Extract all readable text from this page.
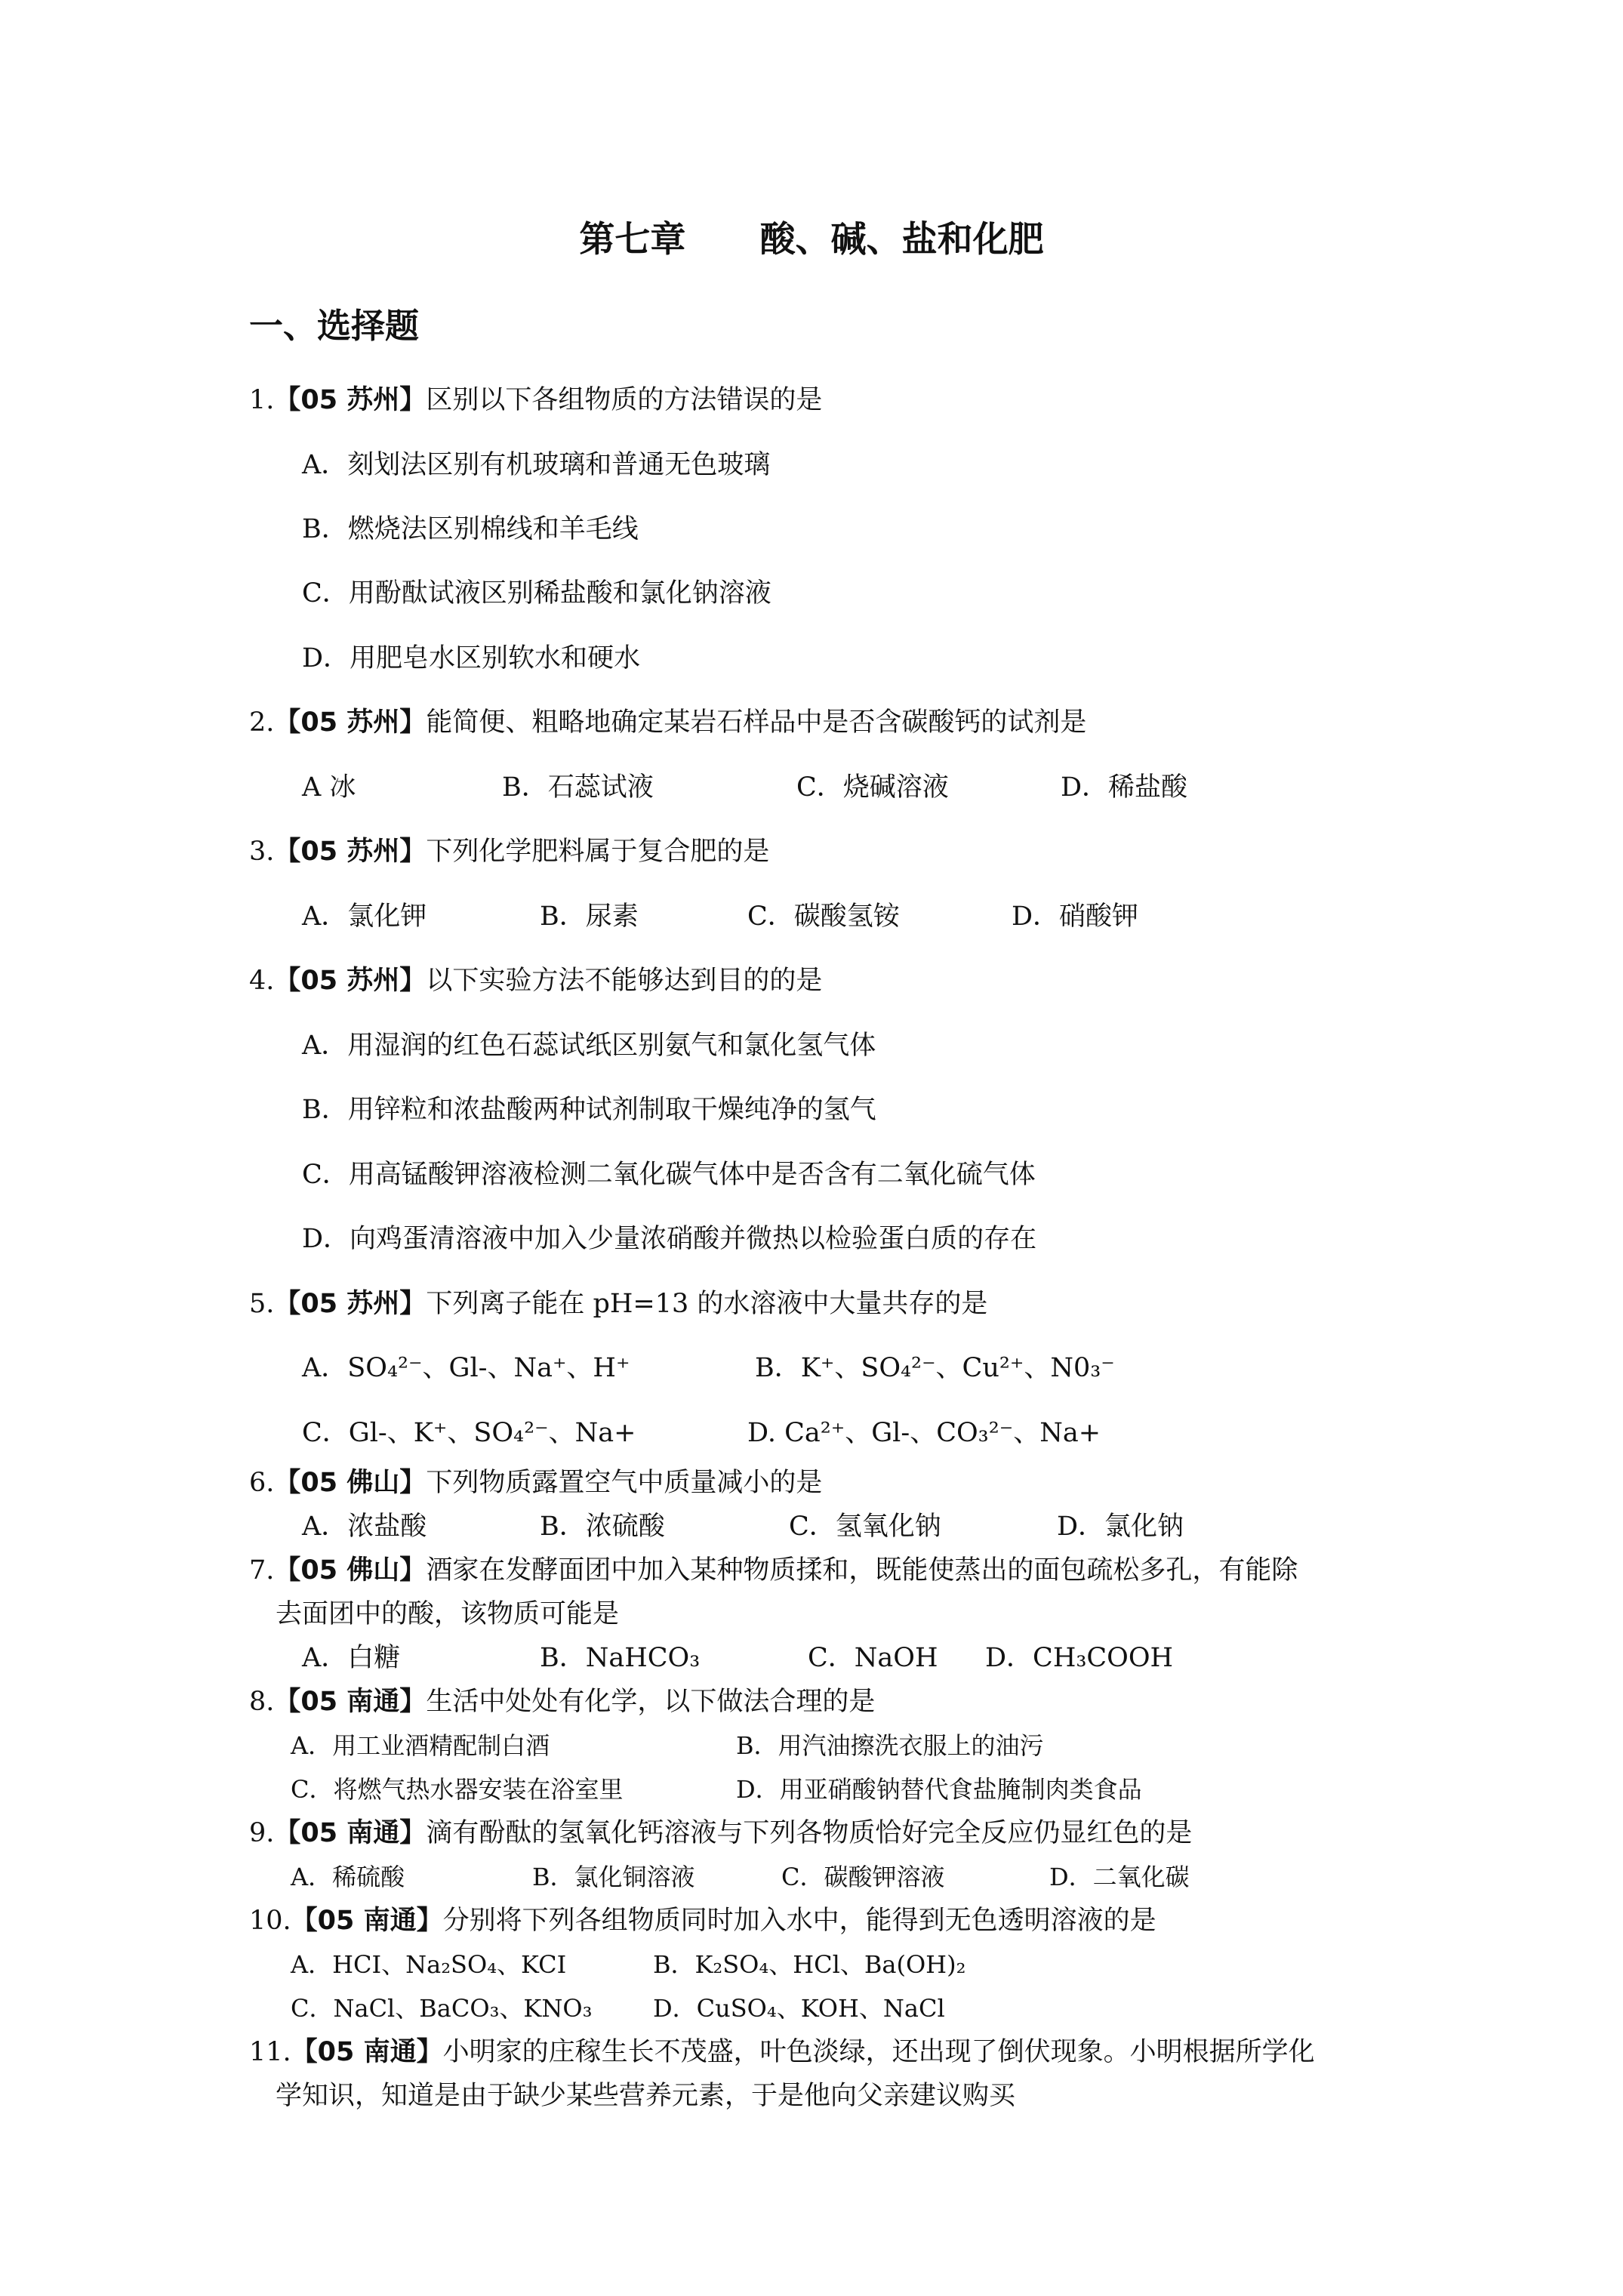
第七章      酸、碱、盐和化肥
一、选择题
1.【05 苏州】区别以下各组物质的方法错误的是
A．刻划法区别有机玻璃和普通无色玻璃
B．燃烧法区别棉线和羊毛线
C．用酚酞试液区别稀盐酸和氯化钠溶液
D．用肥皂水区别软水和硬水
2.【05 苏州】能简便、粗略地确定某岩石样品中是否含碳酸钙的试剂是
A 冰	B．石蕊试液	C．烧碱溶液	D．稀盐酸
3.【05 苏州】下列化学肥料属于复合肥的是
A．氯化钾	B．尿素	C．碳酸氢铵	D．硝酸钾
4.【05 苏州】以下实验方法不能够达到目的的是
A．用湿润的红色石蕊试纸区别氨气和氯化氢气体
B．用锌粒和浓盐酸两种试剂制取干燥纯净的氢气
C．用高锰酸钾溶液检测二氧化碳气体中是否含有二氧化硫气体
D．向鸡蛋清溶液中加入少量浓硝酸并微热以检验蛋白质的存在
5.【05 苏州】下列离子能在 pH=13 的水溶液中大量共存的是
A．SO₄²⁻、Gl-、Na⁺、H⁺	B．K⁺、SO₄²⁻、Cu²⁺、N0₃⁻
C．Gl-、K⁺、SO₄²⁻、Na+	D. Ca²⁺、Gl-、CO₃²⁻、Na+
6.【05 佛山】下列物质露置空气中质量减小的是
A．浓盐酸	B．浓硫酸	C．氢氧化钠	D．氯化钠
7.【05 佛山】酒家在发酵面团中加入某种物质揉和，既能使蒸出的面包疏松多孔，有能除
去面团中的酸，该物质可能是
A．白糖	B．NaHCO₃	C．NaOH D．CH₃COOH
8.【05 南通】生活中处处有化学，以下做法合理的是
A．用工业酒精配制白酒	B．用汽油擦洗衣服上的油污
C．将燃气热水器安装在浴室里	D．用亚硝酸钠替代食盐腌制肉类食品
9.【05 南通】滴有酚酞的氢氧化钙溶液与下列各物质恰好完全反应仍显红色的是
A．稀硫酸	B．氯化铜溶液	C．碳酸钾溶液	D．二氧化碳
10.【05 南通】分别将下列各组物质同时加入水中，能得到无色透明溶液的是
A．HCI、Na₂SO₄、KCI	B．K₂SO₄、HCl、Ba(OH)₂
C．NaCl、BaCO₃、KNO₃	D．CuSO₄、KOH、NaCl
11.【05 南通】小明家的庄稼生长不茂盛，叶色淡绿，还出现了倒伏现象。小明根据所学化
学知识，知道是由于缺少某些营养元素，于是他向父亲建议购买
